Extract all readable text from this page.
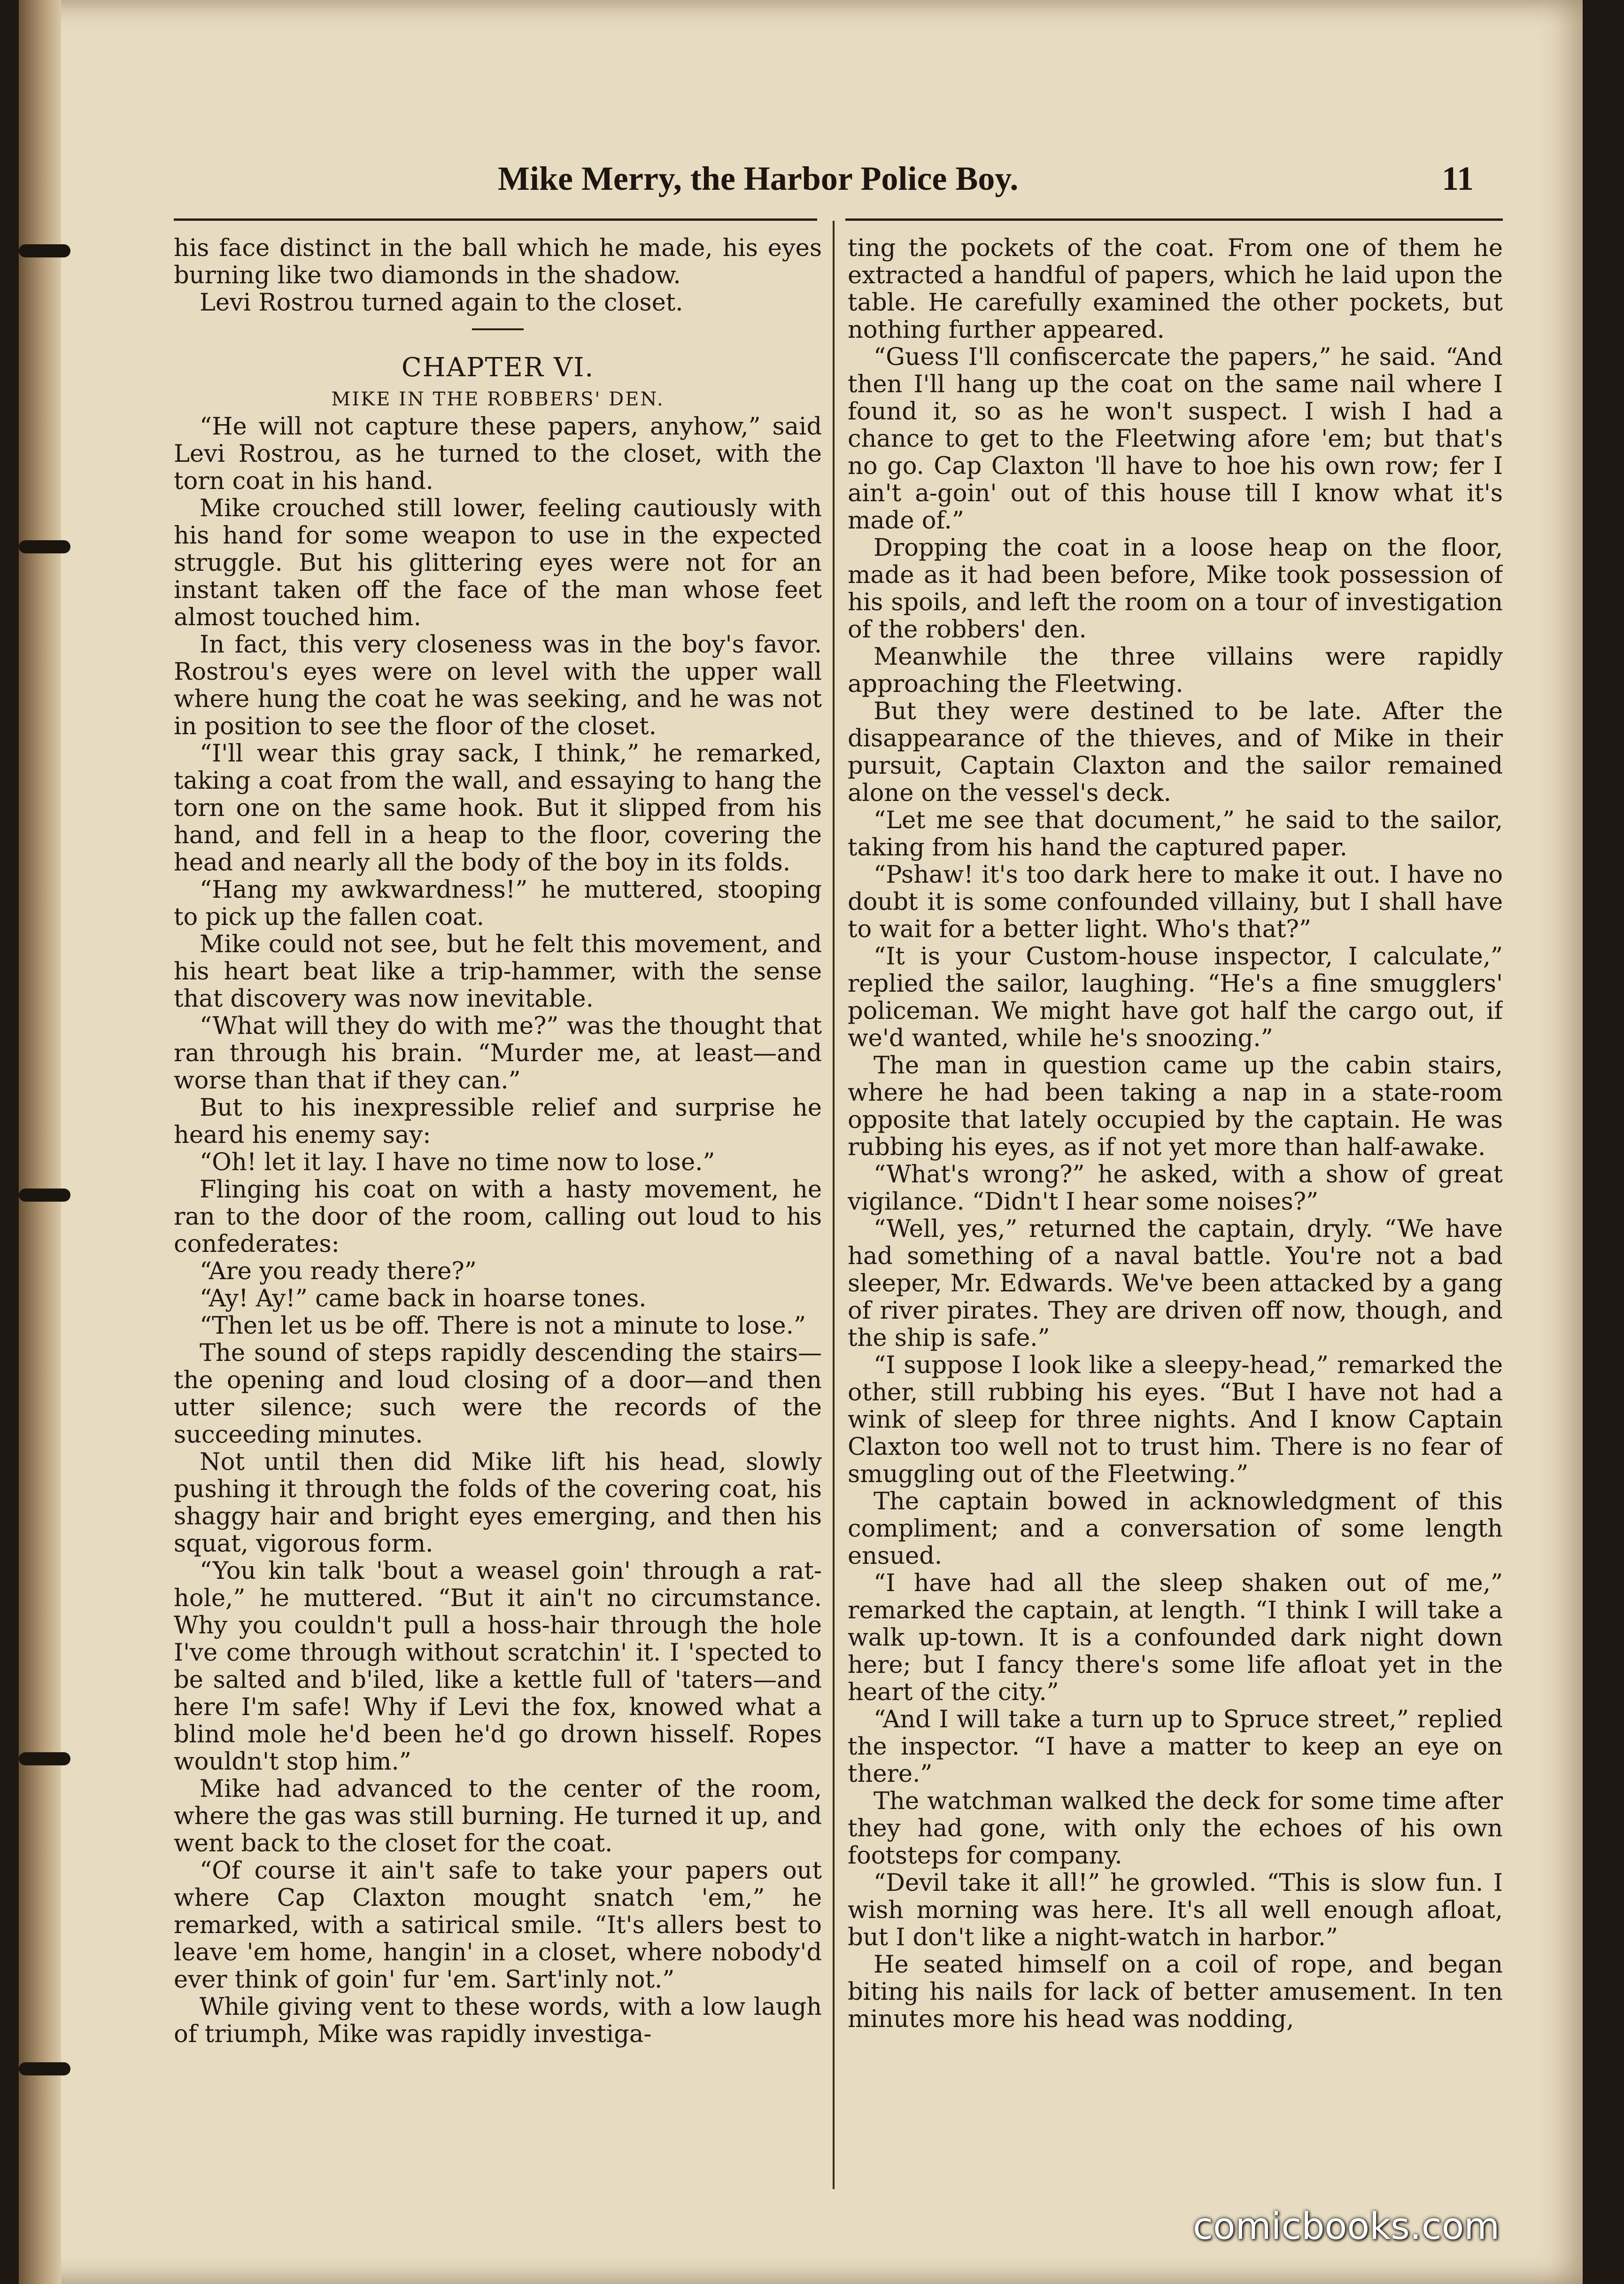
Mike Merry, the Harbor Police Boy.	11

his face distinct in the ball which he made, his eyes burning like two diamonds in the shadow.

Levi Rostrou turned again to the closet.

CHAPTER VI.
MIKE IN THE ROBBERS' DEN.

“He will not capture these papers, anyhow,” said Levi Rostrou, as he turned to the closet, with the torn coat in his hand.

Mike crouched still lower, feeling cautiously with his hand for some weapon to use in the expected struggle. But his glittering eyes were not for an instant taken off the face of the man whose feet almost touched him.

In fact, this very closeness was in the boy's favor. Rostrou's eyes were on level with the upper wall where hung the coat he was seeking, and he was not in position to see the floor of the closet.

“I'll wear this gray sack, I think,” he remarked, taking a coat from the wall, and essaying to hang the torn one on the same hook. But it slipped from his hand, and fell in a heap to the floor, covering the head and nearly all the body of the boy in its folds.

“Hang my awkwardness!” he muttered, stooping to pick up the fallen coat.

Mike could not see, but he felt this movement, and his heart beat like a trip-hammer, with the sense that discovery was now inevitable.

“What will they do with me?” was the thought that ran through his brain. “Murder me, at least—and worse than that if they can.”

But to his inexpressible relief and surprise he heard his enemy say:

“Oh! let it lay. I have no time now to lose.”

Flinging his coat on with a hasty movement, he ran to the door of the room, calling out loud to his confederates:

“Are you ready there?”

“Ay! Ay!” came back in hoarse tones.

“Then let us be off. There is not a minute to lose.”

The sound of steps rapidly descending the stairs—the opening and loud closing of a door—and then utter silence; such were the records of the succeeding minutes.

Not until then did Mike lift his head, slowly pushing it through the folds of the covering coat, his shaggy hair and bright eyes emerging, and then his squat, vigorous form.

“You kin talk 'bout a weasel goin' through a rat-hole,” he muttered. “But it ain't no circumstance. Why you couldn't pull a hoss-hair through the hole I've come through without scratchin' it. I 'spected to be salted and b'iled, like a kettle full of 'taters—and here I'm safe! Why if Levi the fox, knowed what a blind mole he'd been he'd go drown hisself. Ropes wouldn't stop him.”

Mike had advanced to the center of the room, where the gas was still burning. He turned it up, and went back to the closet for the coat.

“Of course it ain't safe to take your papers out where Cap Claxton mought snatch 'em,” he remarked, with a satirical smile. “It's allers best to leave 'em home, hangin' in a closet, where nobody'd ever think of goin' fur 'em. Sart'inly not.”

While giving vent to these words, with a low laugh of triumph, Mike was rapidly investiga-

ting the pockets of the coat. From one of them he extracted a handful of papers, which he laid upon the table. He carefully examined the other pockets, but nothing further appeared.

“Guess I'll confiscercate the papers,” he said. “And then I'll hang up the coat on the same nail where I found it, so as he won't suspect. I wish I had a chance to get to the Fleetwing afore 'em; but that's no go. Cap Claxton 'll have to hoe his own row; fer I ain't a-goin' out of this house till I know what it's made of.”

Dropping the coat in a loose heap on the floor, made as it had been before, Mike took possession of his spoils, and left the room on a tour of investigation of the robbers' den.

Meanwhile the three villains were rapidly approaching the Fleetwing.

But they were destined to be late. After the disappearance of the thieves, and of Mike in their pursuit, Captain Claxton and the sailor remained alone on the vessel's deck.

“Let me see that document,” he said to the sailor, taking from his hand the captured paper.

“Pshaw! it's too dark here to make it out. I have no doubt it is some confounded villainy, but I shall have to wait for a better light. Who's that?”

“It is your Custom-house inspector, I calculate,” replied the sailor, laughing. “He's a fine smugglers' policeman. We might have got half the cargo out, if we'd wanted, while he's snoozing.”

The man in question came up the cabin stairs, where he had been taking a nap in a state-room opposite that lately occupied by the captain. He was rubbing his eyes, as if not yet more than half-awake.

“What's wrong?” he asked, with a show of great vigilance. “Didn't I hear some noises?”

“Well, yes,” returned the captain, dryly. “We have had something of a naval battle. You're not a bad sleeper, Mr. Edwards. We've been attacked by a gang of river pirates. They are driven off now, though, and the ship is safe.”

“I suppose I look like a sleepy-head,” remarked the other, still rubbing his eyes. “But I have not had a wink of sleep for three nights. And I know Captain Claxton too well not to trust him. There is no fear of smuggling out of the Fleetwing.”

The captain bowed in acknowledgment of this compliment; and a conversation of some length ensued.

“I have had all the sleep shaken out of me,” remarked the captain, at length. “I think I will take a walk up-town. It is a confounded dark night down here; but I fancy there's some life afloat yet in the heart of the city.”

“And I will take a turn up to Spruce street,” replied the inspector. “I have a matter to keep an eye on there.”

The watchman walked the deck for some time after they had gone, with only the echoes of his own footsteps for company.

“Devil take it all!” he growled. “This is slow fun. I wish morning was here. It's all well enough afloat, but I don't like a night-watch in harbor.”

He seated himself on a coil of rope, and began biting his nails for lack of better amusement. In ten minutes more his head was nodding,

comicbooks.com
